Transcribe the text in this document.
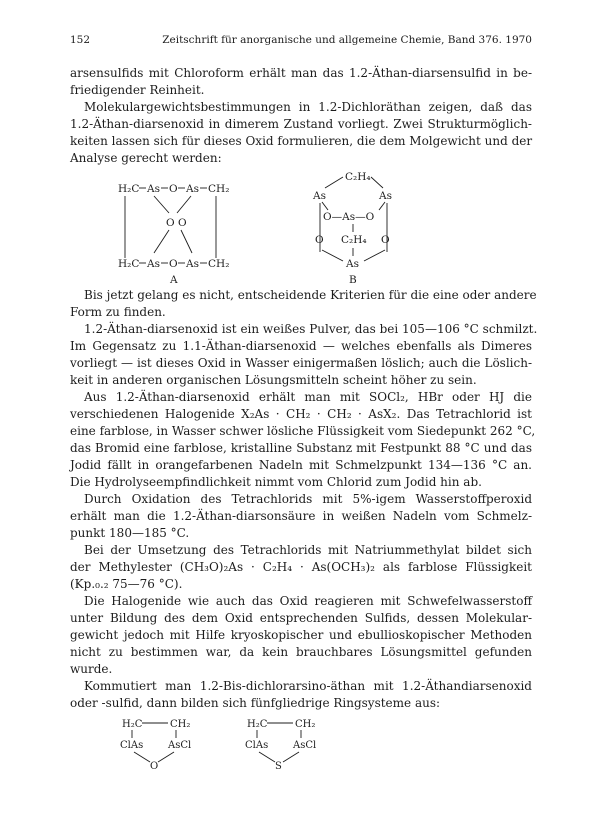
152	Zeitschrift für anorganische und allgemeine Chemie, Band 376. 1970
arsensulfids mit Chloroform erhält man das 1.2-Äthan-diarsensulfid in be-
friedigender Reinheit.
Molekulargewichtsbestimmungen in 1.2-Dichloräthan zeigen, daß das
1.2-Äthan-diarsenoxid in dimerem Zustand vorliegt. Zwei Strukturmöglich-
keiten lassen sich für dieses Oxid formulieren, die dem Molgewicht und der
Analyse gerecht werden:
H₂C As O As CH₂
O O
H₂C As O As CH₂
A
C₂H₄
As	As
O—As—O
O C₂H₄ O
As
B
Bis jetzt gelang es nicht, entscheidende Kriterien für die eine oder andere
Form zu finden.
1.2-Äthan-diarsenoxid ist ein weißes Pulver, das bei 105—106 °C schmilzt.
Im Gegensatz zu 1.1-Äthan-diarsenoxid — welches ebenfalls als Dimeres
vorliegt — ist dieses Oxid in Wasser einigermaßen löslich; auch die Löslich-
keit in anderen organischen Lösungsmitteln scheint höher zu sein.
Aus 1.2-Äthan-diarsenoxid erhält man mit SOCl₂, HBr oder HJ die
verschiedenen Halogenide X₂As · CH₂ · CH₂ · AsX₂. Das Tetrachlorid ist
eine farblose, in Wasser schwer lösliche Flüssigkeit vom Siedepunkt 262 °C,
das Bromid eine farblose, kristalline Substanz mit Festpunkt 88 °C und das
Jodid fällt in orangefarbenen Nadeln mit Schmelzpunkt 134—136 °C an.
Die Hydrolyseempfindlichkeit nimmt vom Chlorid zum Jodid hin ab.
Durch Oxidation des Tetrachlorids mit 5%-igem Wasserstoffperoxid
erhält man die 1.2-Äthan-diarsonsäure in weißen Nadeln vom Schmelz-
punkt 180—185 °C.
Bei der Umsetzung des Tetrachlorids mit Natriummethylat bildet sich
der Methylester (CH₃O)₂As · C₂H₄ · As(OCH₃)₂ als farblose Flüssigkeit
(Kp.₀.₂ 75—76 °C).
Die Halogenide wie auch das Oxid reagieren mit Schwefelwasserstoff
unter Bildung des dem Oxid entsprechenden Sulfids, dessen Molekular-
gewicht jedoch mit Hilfe kryoskopischer und ebullioskopischer Methoden
nicht zu bestimmen war, da kein brauchbares Lösungsmittel gefunden
wurde.
Kommutiert man 1.2-Bis-dichlorarsino-äthan mit 1.2-Äthandiarsenoxid
oder -sulfid, dann bilden sich fünfgliedrige Ringsysteme aus:
H₂C	CH₂
ClAs AsCl
O
H₂C	CH₂
ClAs AsCl
S
